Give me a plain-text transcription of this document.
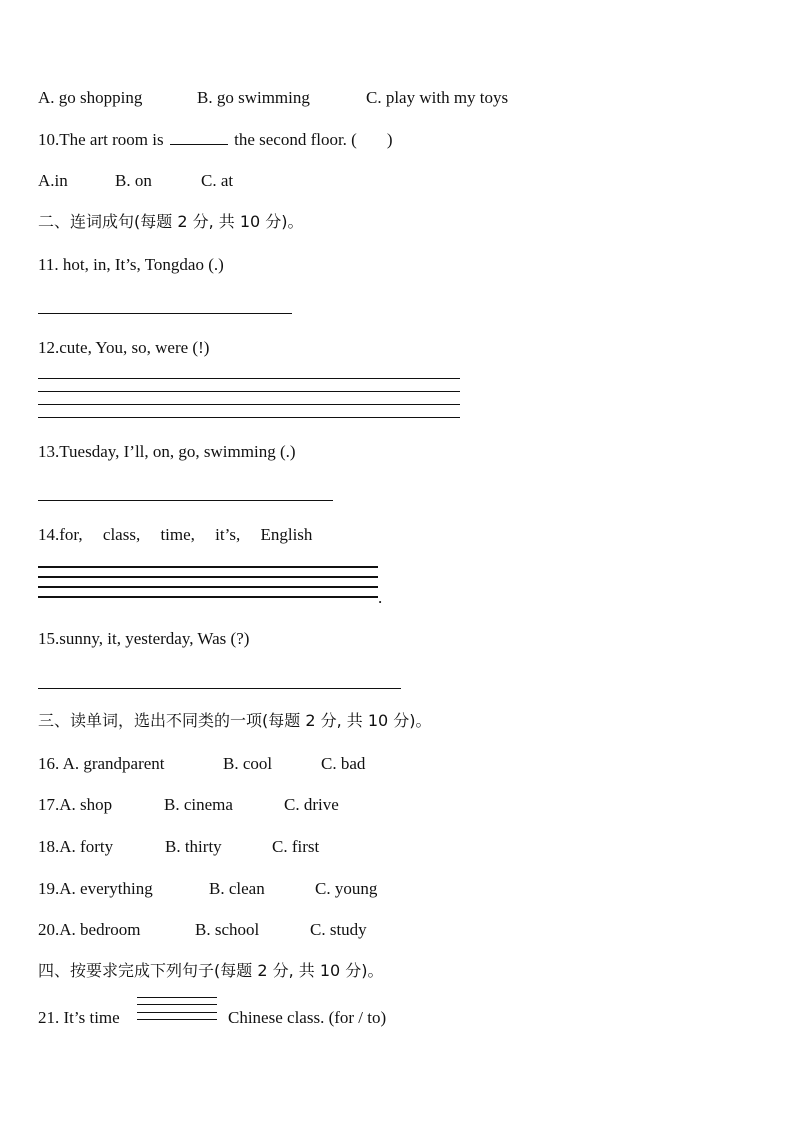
A. go shopping	B. go swimming	C. play with my toys
10.The art room is	the second floor. ( )
A.in	B. on	C. at
二、连词成句(每题 2 分, 共 10 分)。
11. hot, in, It’s, Tongdao (.)
12.cute, You, so, were (!)
13.Tuesday, I’ll, on, go, swimming (.)
14.for, class, time, it’s, English
.
15.sunny, it, yesterday, Was (?)
三、读单词，选出不同类的一项(每题 2 分, 共 10 分)。
16. A. grandparent	B. cool	C. bad
17.A. shop	B. cinema	C. drive
18.A. forty	B. thirty	C. first
19.A. everything	B. clean	C. young
20.A. bedroom	B. school	C. study
四、按要求完成下列句子(每题 2 分, 共 10 分)。
21. It’s time	Chinese class. (for / to)
